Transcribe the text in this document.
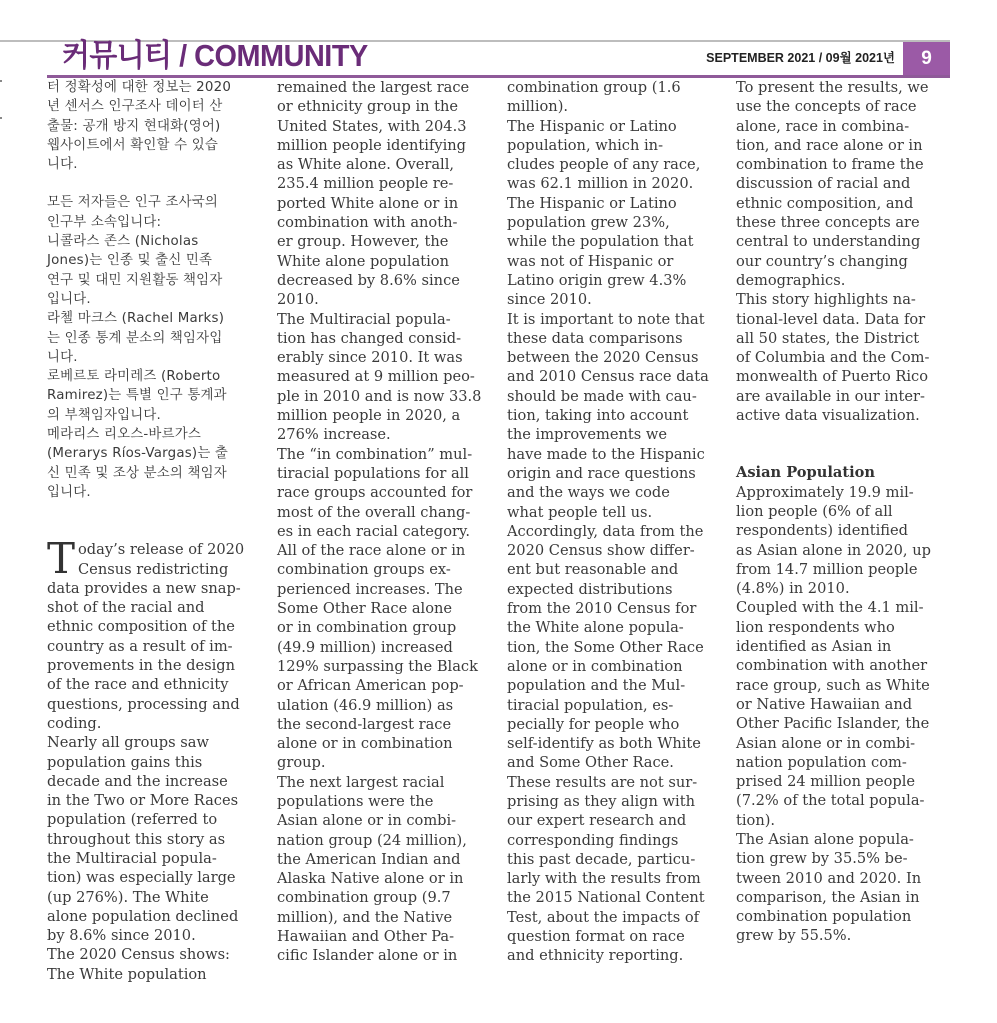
커뮤니티 / COMMUNITY	SEPTEMBER 2021 / 09월 2021년	9
터 정확성에 대한 정보는 2020
년 센서스 인구조사 데이터 산
출물: 공개 방지 현대화(영어)
웹사이트에서 확인할 수 있습
니다.
모든 저자들은 인구 조사국의
인구부 소속입니다:
니콜라스 존스 (Nicholas
Jones)는 인종 및 출신 민족
연구 및 대민 지원활동 책임자
입니다.
라첼 마크스 (Rachel Marks)
는 인종 통계 분소의 책임자입
니다.
로베르토 라미레즈 (Roberto
Ramirez)는 특별 인구 통계과
의 부책임자입니다.
메라리스 리오스-바르가스
(Merarys Ríos-Vargas)는 출
신 민족 및 조상 분소의 책임자
입니다.
T oday’s release of 2020
Census redistricting
data provides a new snap-
shot of the racial and
ethnic composition of the
country as a result of im-
provements in the design
of the race and ethnicity
questions, processing and
coding.
Nearly all groups saw
population gains this
decade and the increase
in the Two or More Races
population (referred to
throughout this story as
the Multiracial popula-
tion) was especially large
(up 276%). The White
alone population declined
by 8.6% since 2010.
The 2020 Census shows:
The White population
remained the largest race
or ethnicity group in the
United States, with 204.3
million people identifying
as White alone. Overall,
235.4 million people re-
ported White alone or in
combination with anoth-
er group. However, the
White alone population
decreased by 8.6% since
2010.
The Multiracial popula-
tion has changed consid-
erably since 2010. It was
measured at 9 million peo-
ple in 2010 and is now 33.8
million people in 2020, a
276% increase.
The “in combination” mul-
tiracial populations for all
race groups accounted for
most of the overall chang-
es in each racial category.
All of the race alone or in
combination groups ex-
perienced increases. The
Some Other Race alone
or in combination group
(49.9 million) increased
129% surpassing the Black
or African American pop-
ulation (46.9 million) as
the second-largest race
alone or in combination
group.
The next largest racial
populations were the
Asian alone or in combi-
nation group (24 million),
the American Indian and
Alaska Native alone or in
combination group (9.7
million), and the Native
Hawaiian and Other Pa-
cific Islander alone or in
combination group (1.6
million).
The Hispanic or Latino
population, which in-
cludes people of any race,
was 62.1 million in 2020.
The Hispanic or Latino
population grew 23%,
while the population that
was not of Hispanic or
Latino origin grew 4.3%
since 2010.
It is important to note that
these data comparisons
between the 2020 Census
and 2010 Census race data
should be made with cau-
tion, taking into account
the improvements we
have made to the Hispanic
origin and race questions
and the ways we code
what people tell us.
Accordingly, data from the
2020 Census show differ-
ent but reasonable and
expected distributions
from the 2010 Census for
the White alone popula-
tion, the Some Other Race
alone or in combination
population and the Mul-
tiracial population, es-
pecially for people who
self-identify as both White
and Some Other Race.
These results are not sur-
prising as they align with
our expert research and
corresponding findings
this past decade, particu-
larly with the results from
the 2015 National Content
Test, about the impacts of
question format on race
and ethnicity reporting.
To present the results, we
use the concepts of race
alone, race in combina-
tion, and race alone or in
combination to frame the
discussion of racial and
ethnic composition, and
these three concepts are
central to understanding
our country’s changing
demographics.
This story highlights na-
tional-level data. Data for
all 50 states, the District
of Columbia and the Com-
monwealth of Puerto Rico
are available in our inter-
active data visualization.
Asian Population
Approximately 19.9 mil-
lion people (6% of all
respondents) identified
as Asian alone in 2020, up
from 14.7 million people
(4.8%) in 2010.
Coupled with the 4.1 mil-
lion respondents who
identified as Asian in
combination with another
race group, such as White
or Native Hawaiian and
Other Pacific Islander, the
Asian alone or in combi-
nation population com-
prised 24 million people
(7.2% of the total popula-
tion).
The Asian alone popula-
tion grew by 35.5% be-
tween 2010 and 2020. In
comparison, the Asian in
combination population
grew by 55.5%.
